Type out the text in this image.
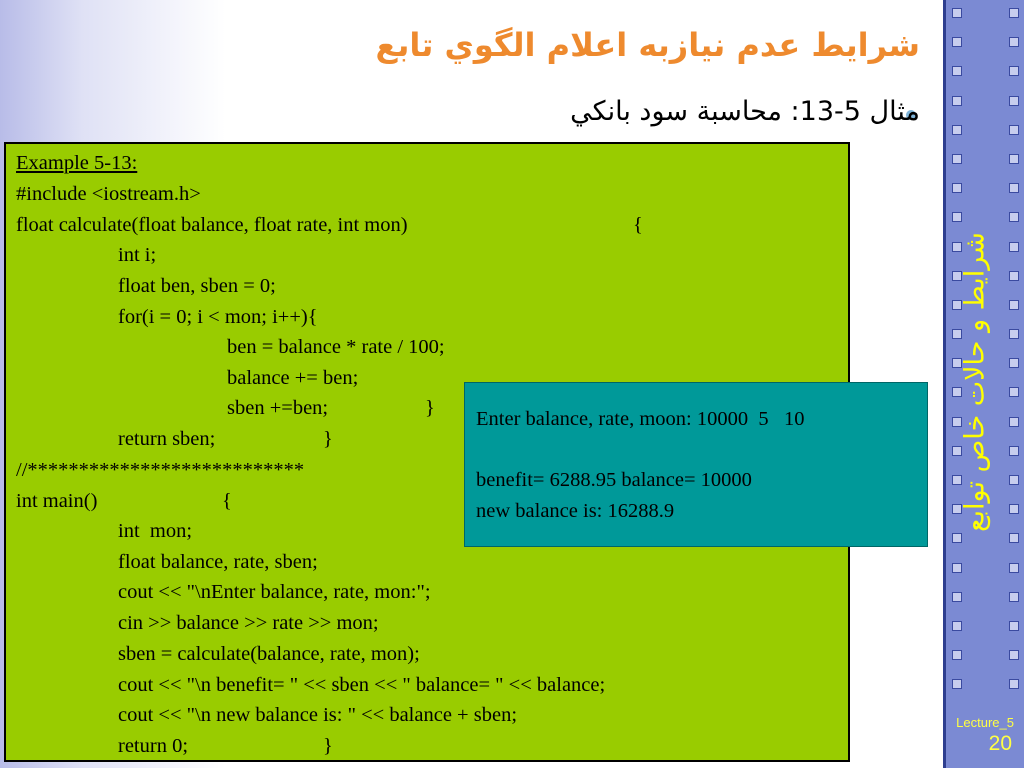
شرايط و حالات خاص توابع
Lecture_5
20
شرايط عدم نيازبه اعلام الگوي تابع
مثال 5-13: محاسبة سود بانكي
Example 5-13:
#include <iostream.h>
float calculate(float balance, float rate, int mon)	{
int i;
float ben, sben = 0;
for(i = 0; i < mon; i++){
ben = balance * rate / 100;
balance += ben;
sben +=ben;	}
return sben;	}
//***************************
int main()	{
int  mon;
float balance, rate, sben;
cout << "\nEnter balance, rate, mon:";
cin >> balance >> rate >> mon;
sben = calculate(balance, rate, mon);
cout << "\n benefit= " << sben << " balance= " << balance;
cout << "\n new balance is: " << balance + sben;
return 0;	}
Enter balance, rate, moon: 10000  5   10
benefit= 6288.95 balance= 10000
new balance is: 16288.9
